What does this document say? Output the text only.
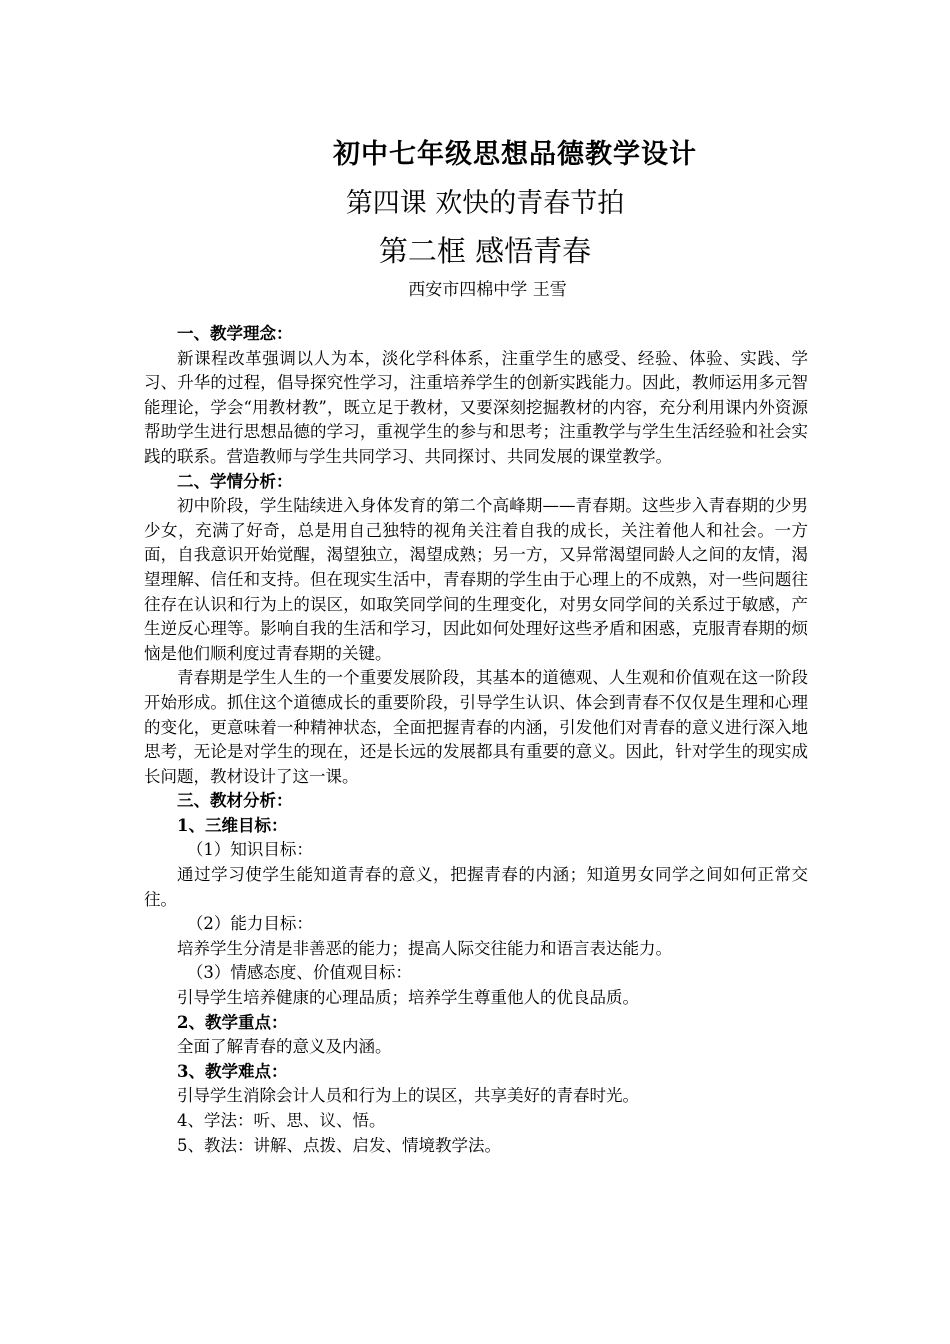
初中七年级思想品德教学设计
第四课 欢快的青春节拍
第二框 感悟青春
西安市四棉中学 王雪

一、教学理念：

新课程改革强调以人为本，淡化学科体系，注重学生的感受、经验、体验、实践、学习、升华的过程，倡导探究性学习，注重培养学生的创新实践能力。因此，教师运用多元智能理论，学会“用教材教”，既立足于教材，又要深刻挖掘教材的内容，充分利用课内外资源帮助学生进行思想品德的学习，重视学生的参与和思考；注重教学与学生生活经验和社会实践的联系。营造教师与学生共同学习、共同探讨、共同发展的课堂教学。

二、学情分析：

初中阶段，学生陆续进入身体发育的第二个高峰期——青春期。这些步入青春期的少男少女，充满了好奇，总是用自己独特的视角关注着自我的成长，关注着他人和社会。一方面，自我意识开始觉醒，渴望独立，渴望成熟；另一方，又异常渴望同龄人之间的友情，渴望理解、信任和支持。但在现实生活中，青春期的学生由于心理上的不成熟，对一些问题往往存在认识和行为上的误区，如取笑同学间的生理变化，对男女同学间的关系过于敏感，产生逆反心理等。影响自我的生活和学习，因此如何处理好这些矛盾和困惑，克服青春期的烦恼是他们顺利度过青春期的关键。

青春期是学生人生的一个重要发展阶段，其基本的道德观、人生观和价值观在这一阶段开始形成。抓住这个道德成长的重要阶段，引导学生认识、体会到青春不仅仅是生理和心理的变化，更意味着一种精神状态，全面把握青春的内涵，引发他们对青春的意义进行深入地思考，无论是对学生的现在，还是长远的发展都具有重要的意义。因此，针对学生的现实成长问题，教材设计了这一课。

三、教材分析：

1、三维目标：

（1）知识目标：

通过学习使学生能知道青春的意义，把握青春的内涵；知道男女同学之间如何正常交往。

（2）能力目标：

培养学生分清是非善恶的能力；提高人际交往能力和语言表达能力。

（3）情感态度、价值观目标：

引导学生培养健康的心理品质；培养学生尊重他人的优良品质。

2、教学重点：

全面了解青春的意义及内涵。

3、教学难点：

引导学生消除会计人员和行为上的误区，共享美好的青春时光。

4、学法：听、思、议、悟。

5、教法：讲解、点拨、启发、情境教学法。
